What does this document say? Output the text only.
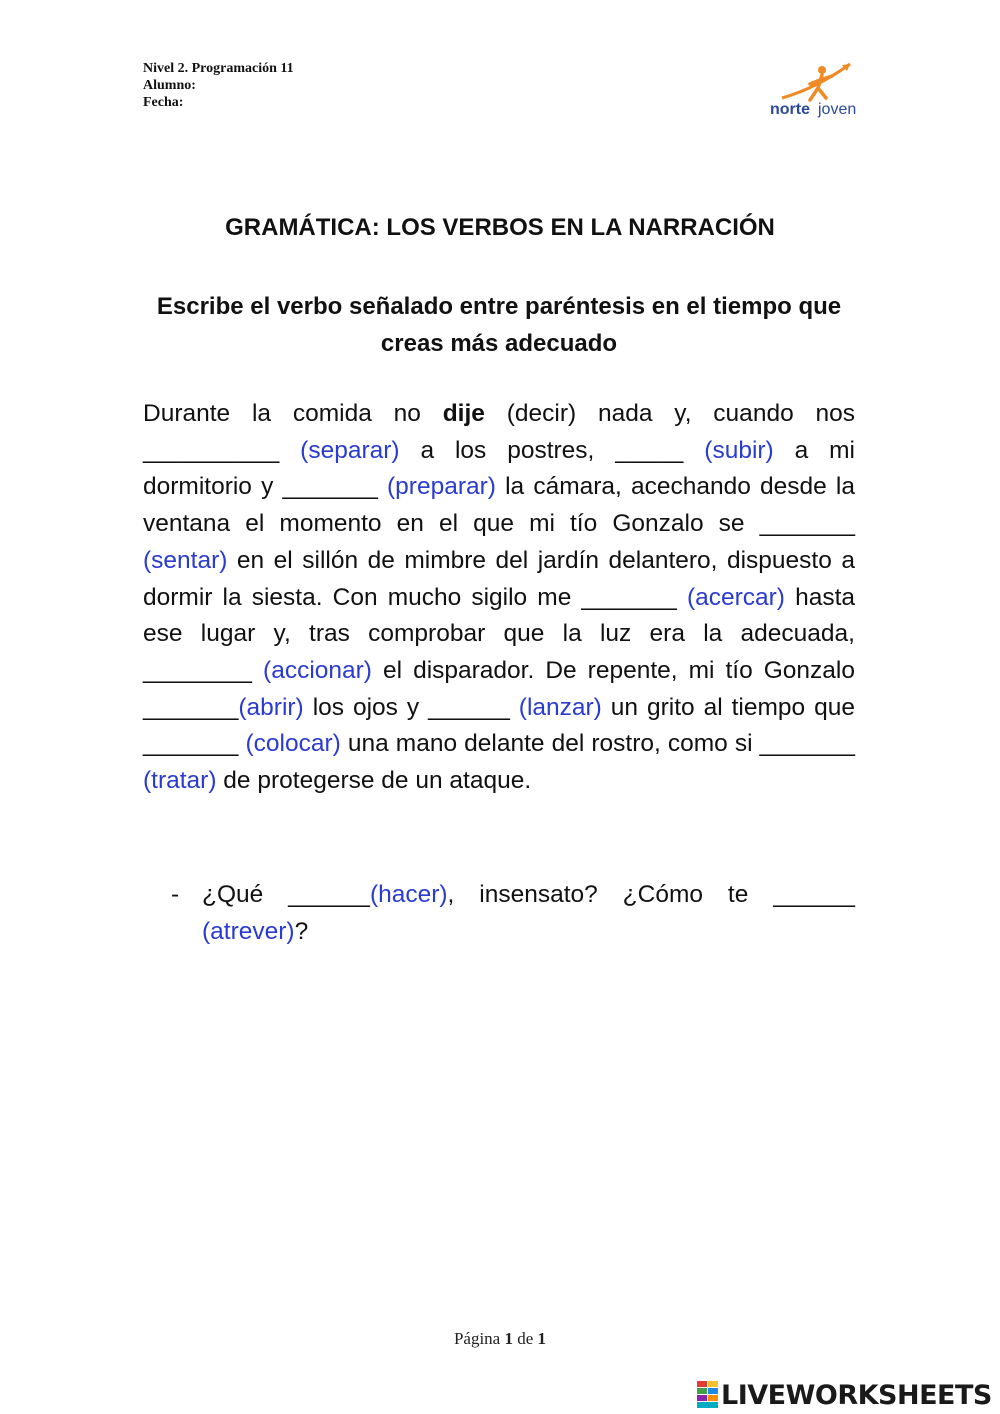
Nivel 2. Programación 11
Alumno:
Fecha:	norte joven
GRAMÁTICA: LOS VERBOS EN LA NARRACIÓN
Escribe el verbo señalado entre paréntesis en el tiempo que creas más adecuado
Durante la comida no dije (decir) nada y, cuando nos __________ (separar) a los postres, _____ (subir) a mi dormitorio y _______ (preparar) la cámara, acechando desde la ventana el momento en el que mi tío Gonzalo se _______ (sentar) en el sillón de mimbre del jardín delantero, dispuesto a dormir la siesta. Con mucho sigilo me _______ (acercar) hasta ese lugar y, tras comprobar que la luz era la adecuada, ________ (accionar) el disparador. De repente, mi tío Gonzalo _______(abrir) los ojos y ______ (lanzar) un grito al tiempo que _______ (colocar) una mano delante del rostro, como si _______ (tratar) de protegerse de un ataque.
- ¿Qué ______(hacer), insensato? ¿Cómo te ______ (atrever)?
Página 1 de 1
LIVEWORKSHEETS
